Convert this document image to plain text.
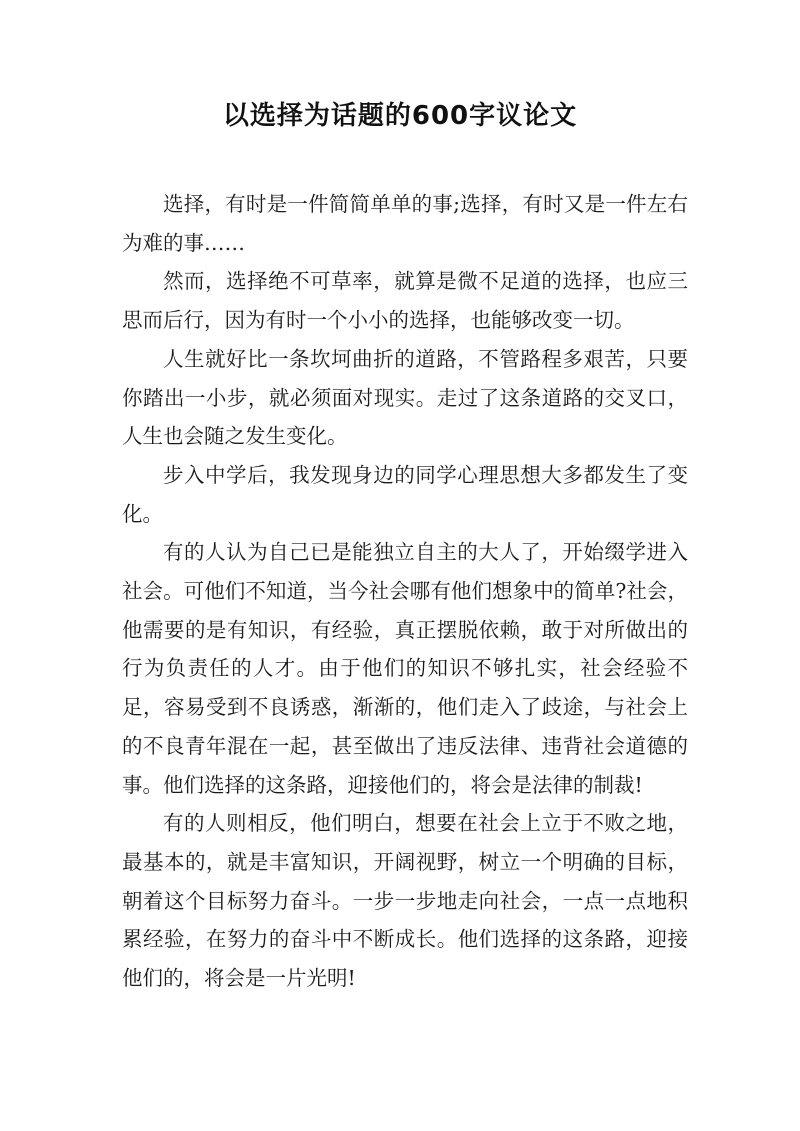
以选择为话题的600字议论文

选择，有时是一件简简单单的事;选择，有时又是一件左右为难的事……

然而，选择绝不可草率，就算是微不足道的选择，也应三思而后行，因为有时一个小小的选择，也能够改变一切。

人生就好比一条坎坷曲折的道路，不管路程多艰苦，只要你踏出一小步，就必须面对现实。走过了这条道路的交叉口，人生也会随之发生变化。

步入中学后，我发现身边的同学心理思想大多都发生了变化。

有的人认为自己已是能独立自主的大人了，开始缀学进入社会。可他们不知道，当今社会哪有他们想象中的简单?社会，他需要的是有知识，有经验，真正摆脱依赖，敢于对所做出的行为负责任的人才。由于他们的知识不够扎实，社会经验不足，容易受到不良诱惑，渐渐的，他们走入了歧途，与社会上的不良青年混在一起，甚至做出了违反法律、违背社会道德的事。他们选择的这条路，迎接他们的，将会是法律的制裁!

有的人则相反，他们明白，想要在社会上立于不败之地，最基本的，就是丰富知识，开阔视野，树立一个明确的目标，朝着这个目标努力奋斗。一步一步地走向社会，一点一点地积累经验，在努力的奋斗中不断成长。他们选择的这条路，迎接他们的，将会是一片光明!
